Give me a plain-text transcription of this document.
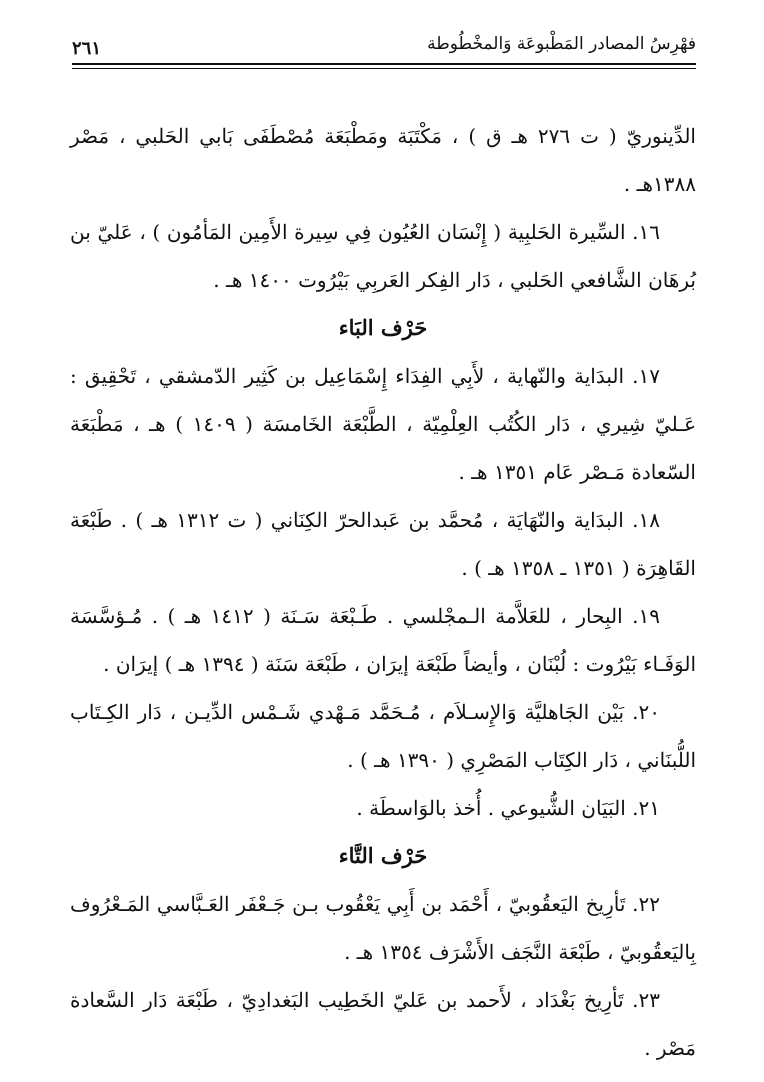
فهْرِسُ المصادر المَطْبوعَة وَالمخْطُوطة
٢٦١

الدِّينوريّ ( ت ٢٧٦ هـ ق ) ، مَكْتَبَة ومَطْبَعَة مُصْطَفَى بَابي الحَلبي ، مَصْر ١٣٨٨هـ .

١٦. السِّيرة الحَلبِية ( إِنْسَان العُيُون فِي سِيرة الأَمِين المَأمُون ) ، عَليّ بن بُرهَان الشَّافعي الحَلبي ، دَار الفِكر العَربِي بَيْرُوت ١٤٠٠ هـ .

حَرْف البَاء

١٧. البدَاية والنّهاية ، لأَبِي الفِدَاء إِسْمَاعِيل بن كَثِير الدّمشقي ، تَحْقِيق : عَـليّ شِيري ، دَار الكُتُب العِلْمِيّة ، الطَّبْعَة الخَامسَة ( ١٤٠٩ ) هـ ، مَطْبَعَة السّعادة مَـصْر عَام ١٣٥١ هـ .

١٨. البدَاية والنّهَايَة ، مُحمَّد بن عَبدالحرّ الكِنَاني ( ت ١٣١٢ هـ ) . طَبْعَة القَاهِرَة ( ١٣٥١ ـ ١٣٥٨ هـ ) .

١٩. البِحار ، للعَلاَّمة الـمجْلسي . طَـبْعَة سَـنَة ( ١٤١٢ هـ ) . مُـؤسَّسَة الوَفَـاء بَيْرُوت : لُبْنَان ، وأيضاً طَبْعَة إيرَان ، طَبْعَة سَنَة ( ١٣٩٤ هـ ) إيرَان .

٢٠. بَيْن الجَاهليَّة وَالإِسـلاَم ، مُـحَمَّد مَـهْدي شَـمْس الدِّيـن ، دَار الكِـتَاب اللُّبنَاني ، دَار الكِتَاب المَصْرِي ( ١٣٩٠ هـ ) .

٢١. البَيَان الشُّيوعي . أُخذ بالوَاسطَة .

حَرْف التَّاء

٢٢. تَأرِيخ اليَعقُوبيّ ، أَحْمَد بن أَبِي يَعْقُوب بـن جَـعْفَر العَـبَّاسي المَـعْرُوف بِاليَعقُوبيّ ، طَبْعَة النَّجَف الأَشْرَف ١٣٥٤ هـ .

٢٣. تَأرِيخ بَغْدَاد ، لأَحمد بن عَليّ الخَطِيب البَغدادِيّ ، طَبْعَة دَار السَّعادة مَصْر .
